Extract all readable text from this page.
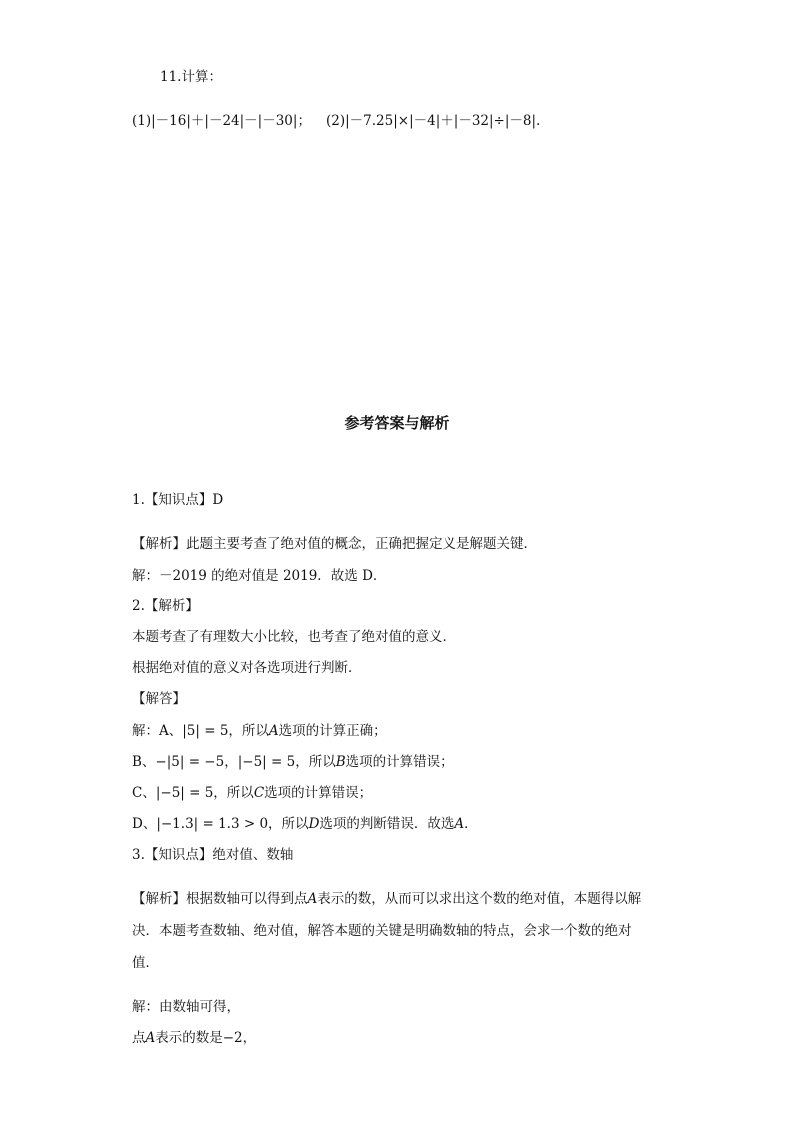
11.计算：
(1)|－16|＋|－24|－|－30|； (2)|－7.25|×|－4|＋|－32|÷|－8|.
参考答案与解析
1.【知识点】D
【解析】此题主要考查了绝对值的概念，正确把握定义是解题关键．
解：－2019 的绝对值是 2019．故选 D．
2.【解析】
本题考查了有理数大小比较，也考查了绝对值的意义．
根据绝对值的意义对各选项进行判断．
【解答】
解：A、|5| = 5，所以A选项的计算正确；
B、−|5| = −5，|−5| = 5，所以B选项的计算错误；
C、|−5| = 5，所以C选项的计算错误；
D、|−1.3| = 1.3 > 0，所以D选项的判断错误．故选A．
3.【知识点】绝对值、数轴
【解析】根据数轴可以得到点A表示的数，从而可以求出这个数的绝对值，本题得以解
决．本题考查数轴、绝对值，解答本题的关键是明确数轴的特点，会求一个数的绝对
值．
解：由数轴可得，
点A表示的数是−2，
